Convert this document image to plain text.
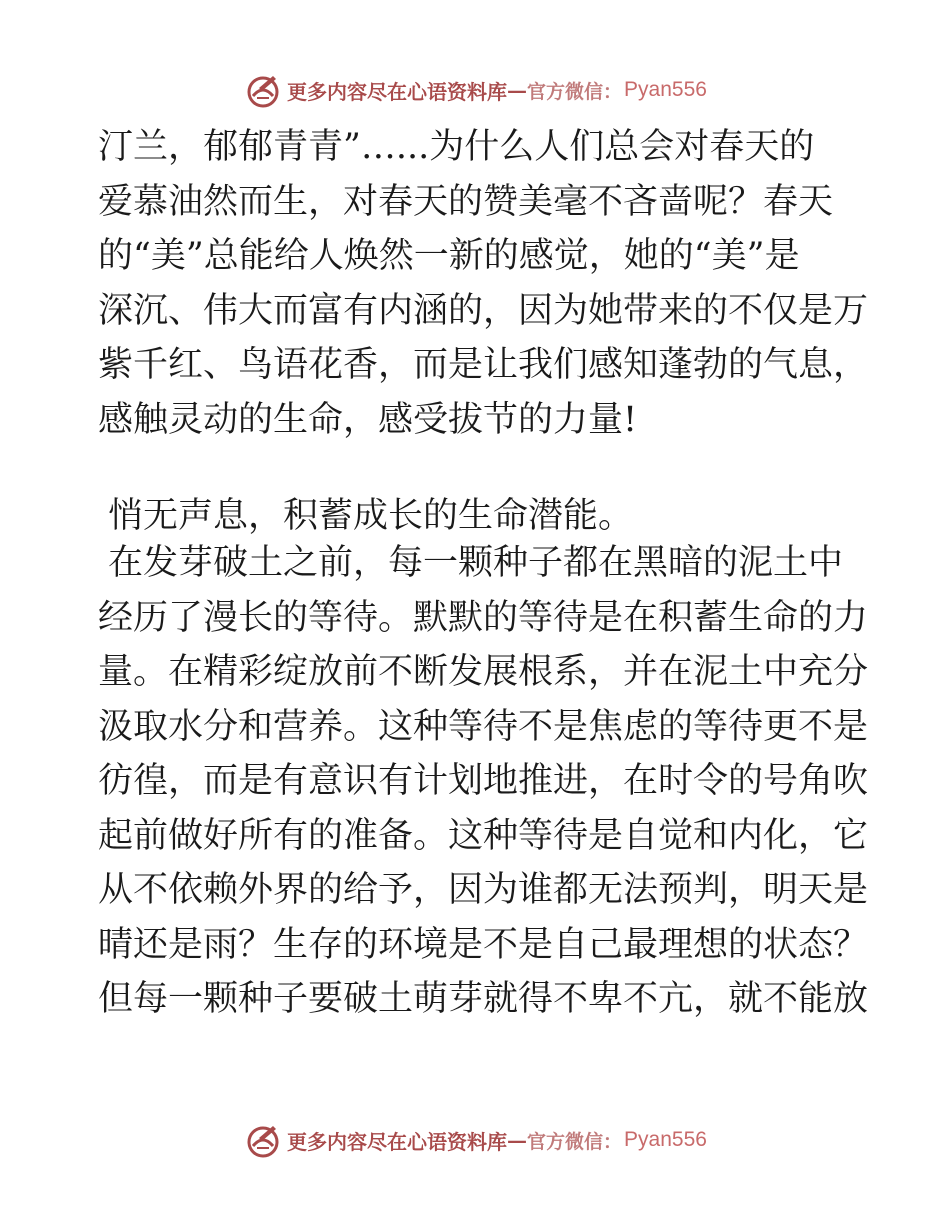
更多内容尽在心语资料库 — 官方微信： Pyan556
汀兰，郁郁青青”…...为什么人们总会对春天的
爱慕油然而生，对春天的赞美毫不吝啬呢？春天
的“美”总能给人焕然一新的感觉，她的“美”是
深沉、伟大而富有内涵的，因为她带来的不仅是万
紫千红、鸟语花香，而是让我们感知蓬勃的气息，
感触灵动的生命，感受拔节的力量!
悄无声息，积蓄成长的生命潜能。
在发芽破土之前，每一颗种子都在黑暗的泥土中
经历了漫长的等待。默默的等待是在积蓄生命的力
量。在精彩绽放前不断发展根系，并在泥土中充分
汲取水分和营养。这种等待不是焦虑的等待更不是
彷徨，而是有意识有计划地推进，在时令的号角吹
起前做好所有的准备。这种等待是自觉和内化，它
从不依赖外界的给予，因为谁都无法预判，明天是
晴还是雨？生存的环境是不是自己最理想的状态？
但每一颗种子要破土萌芽就得不卑不亢，就不能放
更多内容尽在心语资料库 — 官方微信： Pyan556
